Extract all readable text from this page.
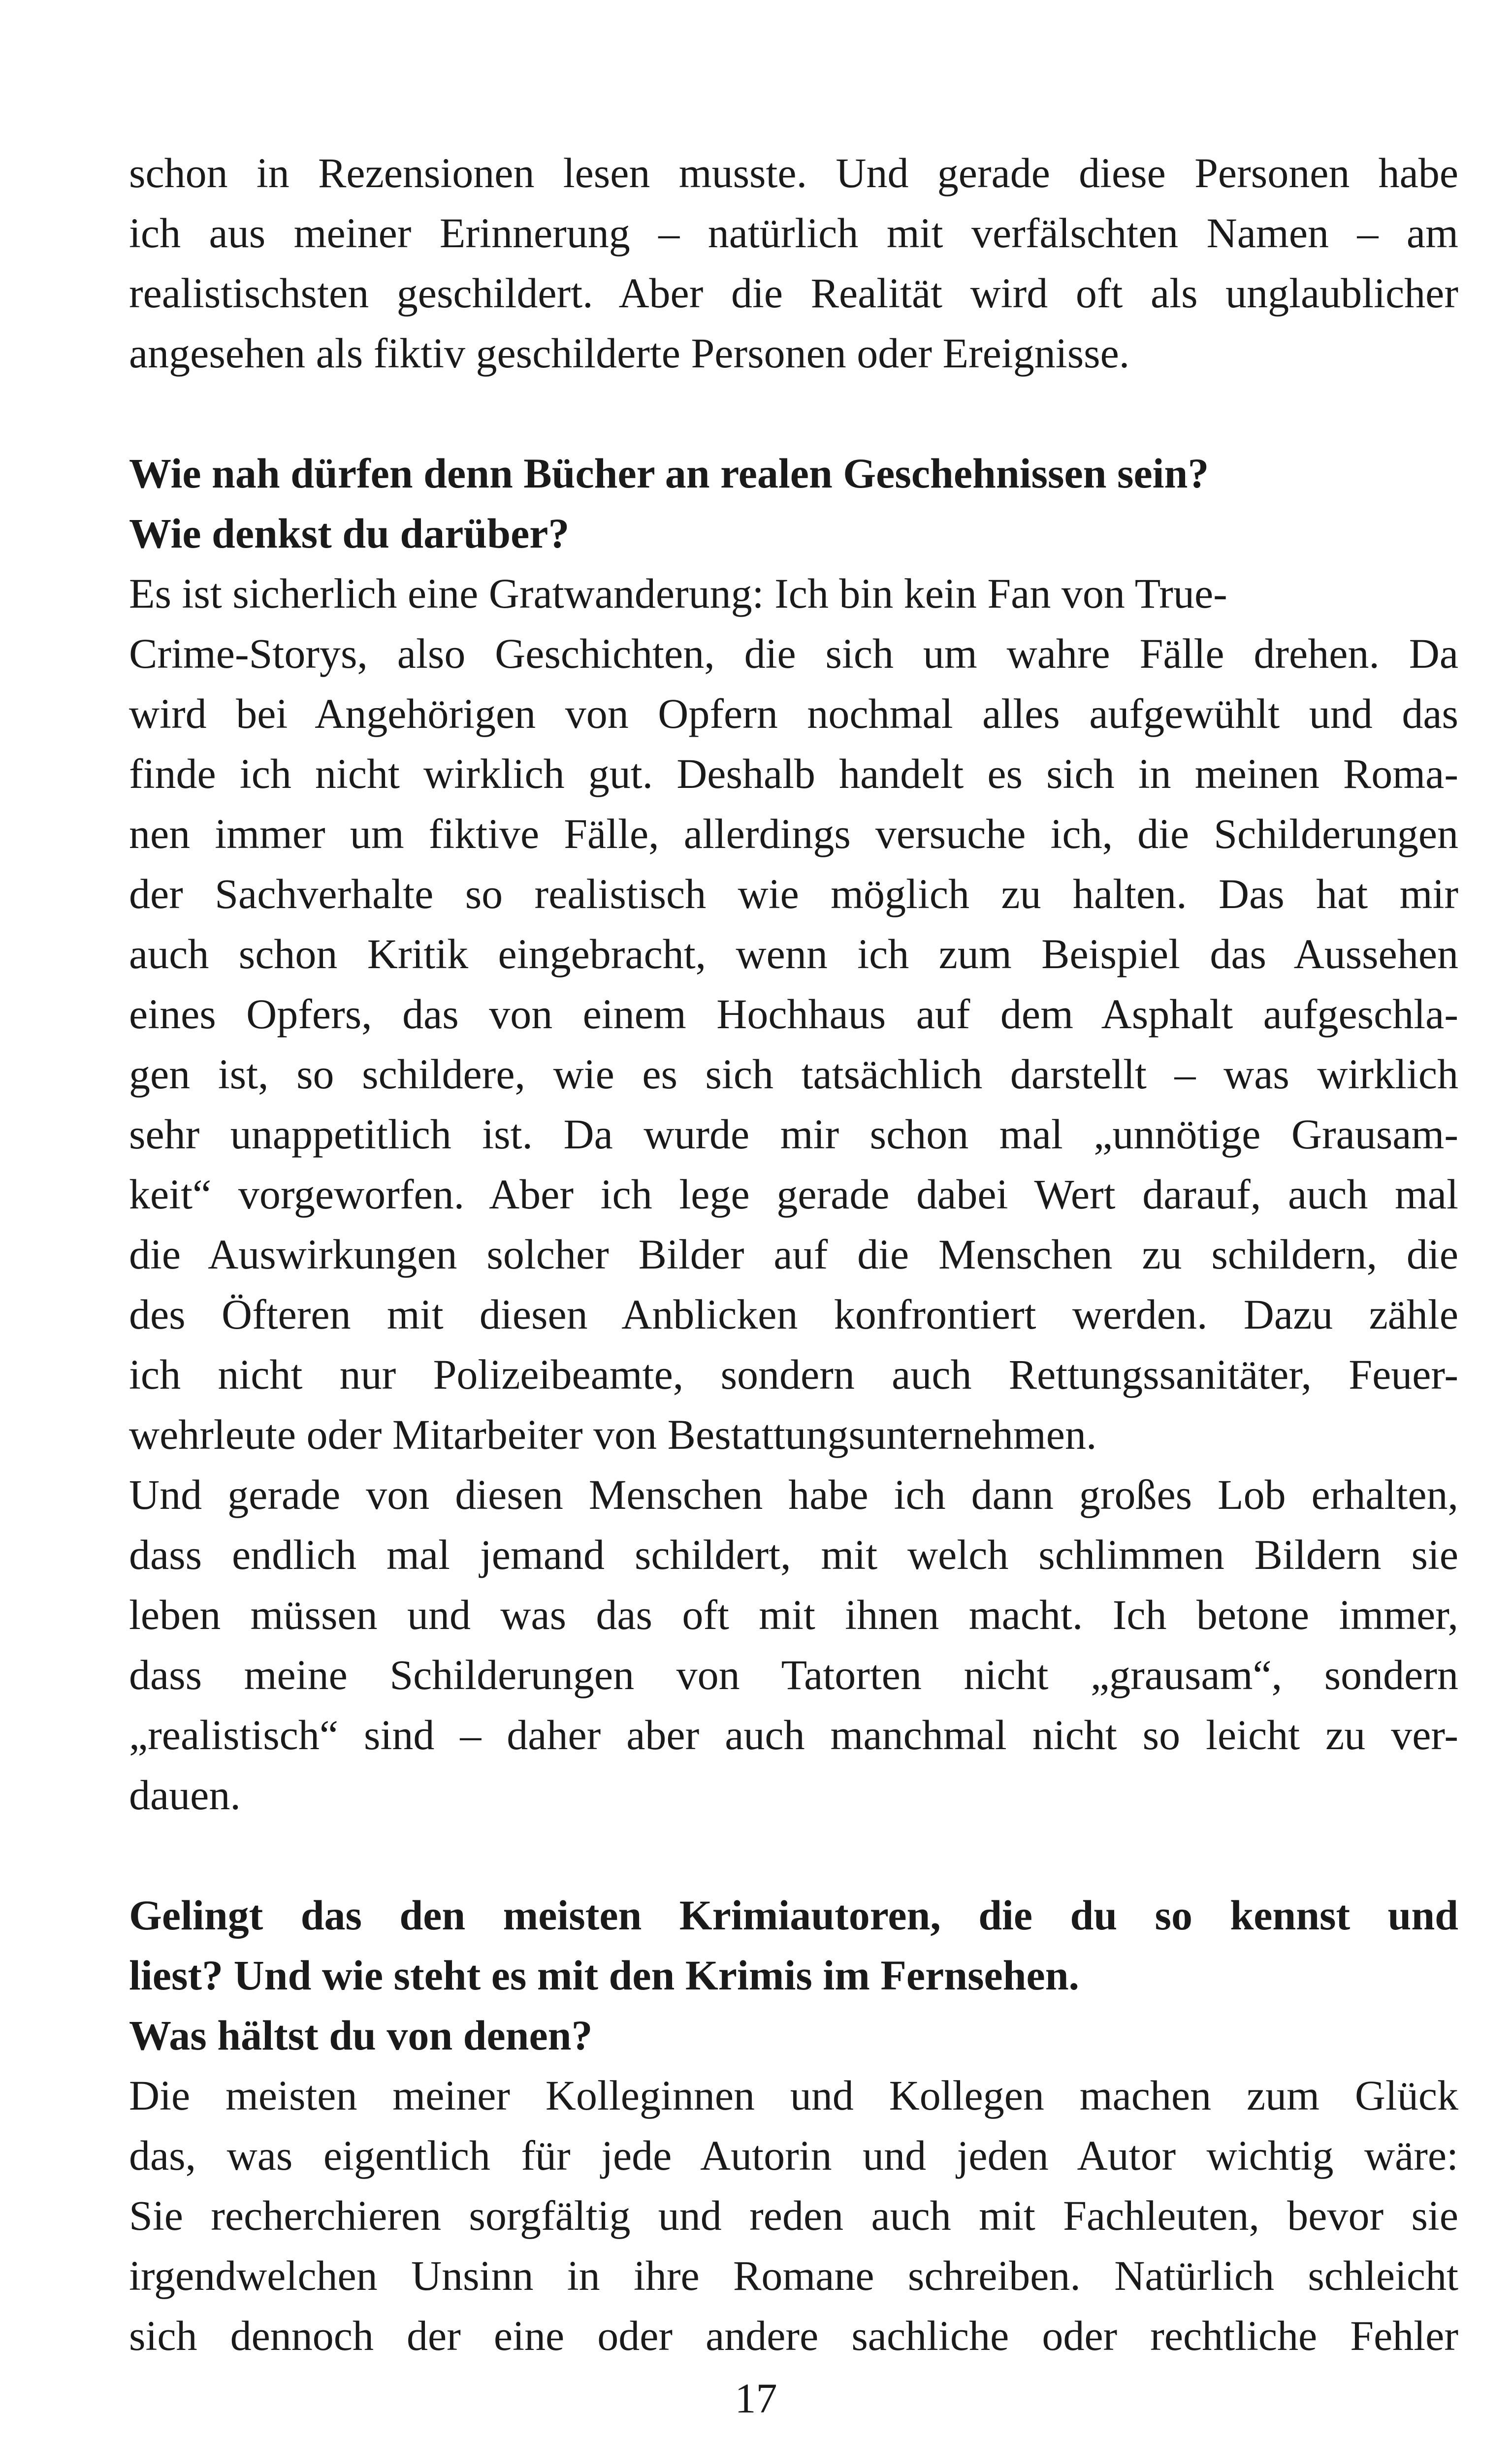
schon in Rezensionen lesen musste. Und gerade diese Personen habe
ich aus meiner Erinnerung – natürlich mit verfälschten Namen – am
realistischsten geschildert. Aber die Realität wird oft als unglaublicher
angesehen als fiktiv geschilderte Personen oder Ereignisse.
Wie nah dürfen denn Bücher an realen Geschehnissen sein?
Wie denkst du darüber?
Es ist sicherlich eine Gratwanderung: Ich bin kein Fan von True-
Crime-Storys, also Geschichten, die sich um wahre Fälle drehen. Da
wird bei Angehörigen von Opfern nochmal alles aufgewühlt und das
finde ich nicht wirklich gut. Deshalb handelt es sich in meinen Roma-
nen immer um fiktive Fälle, allerdings versuche ich, die Schilderungen
der Sachverhalte so realistisch wie möglich zu halten. Das hat mir
auch schon Kritik eingebracht, wenn ich zum Beispiel das Aussehen
eines Opfers, das von einem Hochhaus auf dem Asphalt aufgeschla-
gen ist, so schildere, wie es sich tatsächlich darstellt – was wirklich
sehr unappetitlich ist. Da wurde mir schon mal „unnötige Grausam-
keit“ vorgeworfen. Aber ich lege gerade dabei Wert darauf, auch mal
die Auswirkungen solcher Bilder auf die Menschen zu schildern, die
des Öfteren mit diesen Anblicken konfrontiert werden. Dazu zähle
ich nicht nur Polizeibeamte, sondern auch Rettungssanitäter, Feuer-
wehrleute oder Mitarbeiter von Bestattungsunternehmen.
Und gerade von diesen Menschen habe ich dann großes Lob erhalten,
dass endlich mal jemand schildert, mit welch schlimmen Bildern sie
leben müssen und was das oft mit ihnen macht. Ich betone immer,
dass meine Schilderungen von Tatorten nicht „grausam“, sondern
„realistisch“ sind – daher aber auch manchmal nicht so leicht zu ver-
dauen.
Gelingt das den meisten Krimiautoren, die du so kennst und
liest? Und wie steht es mit den Krimis im Fernsehen.
Was hältst du von denen?
Die meisten meiner Kolleginnen und Kollegen machen zum Glück
das, was eigentlich für jede Autorin und jeden Autor wichtig wäre:
Sie recherchieren sorgfältig und reden auch mit Fachleuten, bevor sie
irgendwelchen Unsinn in ihre Romane schreiben. Natürlich schleicht
sich dennoch der eine oder andere sachliche oder rechtliche Fehler
17
